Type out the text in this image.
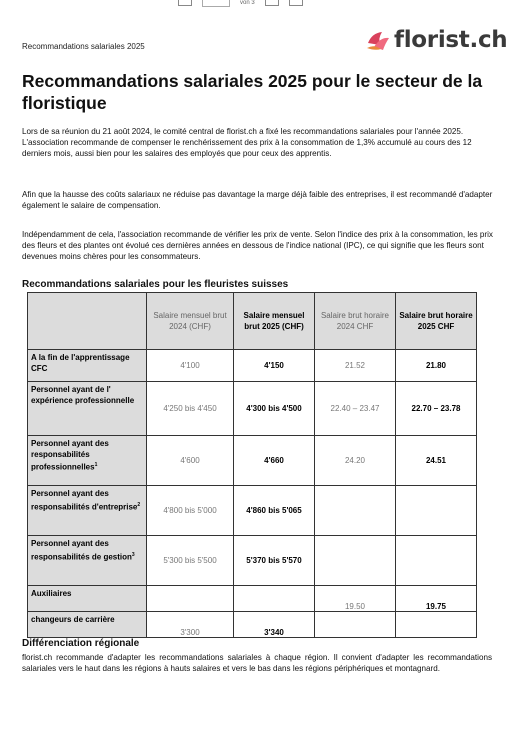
von 3
Recommandations salariales 2025	florist.ch
Recommandations salariales 2025 pour le secteur de la floristique
Lors de sa réunion du 21 août 2024, le comité central de florist.ch a fixé les recommandations salariales pour l'année 2025. L'association recommande de compenser le renchérissement des prix à la consommation de 1,3% accumulé au cours des 12 derniers mois, aussi bien pour les salaires des employés que pour ceux des apprentis.
Afin que la hausse des coûts salariaux ne réduise pas davantage la marge déjà faible des entreprises, il est recommandé d'adapter également le salaire de compensation.
Indépendamment de cela, l'association recommande de vérifier les prix de vente. Selon l'indice des prix à la consommation, les prix des fleurs et des plantes ont évolué ces dernières années en dessous de l'indice national (IPC), ce qui signifie que les fleurs sont devenues moins chères pour les consommateurs.
Recommandations salariales pour les fleuristes suisses
	Salaire mensuel brut 2024 (CHF)	Salaire mensuel brut 2025 (CHF)	Salaire brut horaire 2024 CHF	Salaire brut horaire 2025 CHF
A la fin de l'apprentissage CFC	4'100	4'150	21.52	21.80
Personnel ayant de l' expérience professionnelle	4'250 bis 4'450	4'300 bis 4'500	22.40 – 23.47	22.70 – 23.78
Personnel ayant des responsabilités professionnelles$^1$	4'600	4'660	24.20	24.51
Personnel ayant des responsabilités d'entreprise$^2$	4'800 bis 5'000	4'860 bis 5'065		
Personnel ayant des responsabilités de gestion$^3$	5'300 bis 5'500	5'370 bis 5'570		
Auxiliaires			19.50	19.75
changeurs de carrière	3'300	3'340		
Différenciation régionale
florist.ch recommande d'adapter les recommandations salariales à chaque région. Il convient d'adapter les recommandations salariales vers le haut dans les régions à hauts salaires et vers le bas dans les régions périphériques et montagnard.
